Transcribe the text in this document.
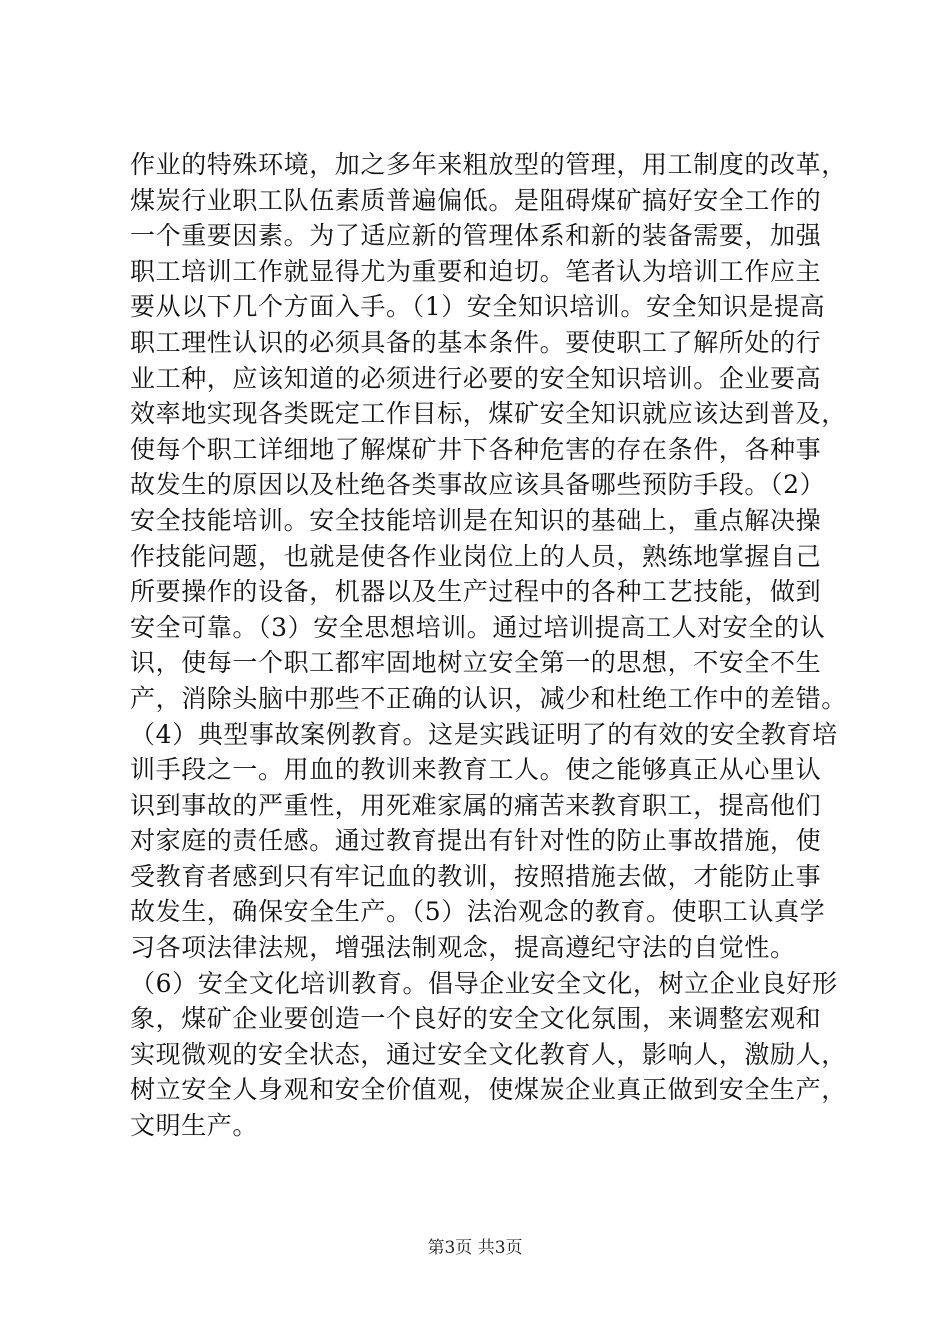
作业的特殊环境，加之多年来粗放型的管理，用工制度的改革，
煤炭行业职工队伍素质普遍偏低。是阻碍煤矿搞好安全工作的
一个重要因素。为了适应新的管理体系和新的装备需要，加强
职工培训工作就显得尤为重要和迫切。笔者认为培训工作应主
要从以下几个方面入手。（1）安全知识培训。安全知识是提高
职工理性认识的必须具备的基本条件。要使职工了解所处的行
业工种，应该知道的必须进行必要的安全知识培训。企业要高
效率地实现各类既定工作目标，煤矿安全知识就应该达到普及，
使每个职工详细地了解煤矿井下各种危害的存在条件，各种事
故发生的原因以及杜绝各类事故应该具备哪些预防手段。（2）
安全技能培训。安全技能培训是在知识的基础上，重点解决操
作技能问题，也就是使各作业岗位上的人员，熟练地掌握自己
所要操作的设备，机器以及生产过程中的各种工艺技能，做到
安全可靠。（3）安全思想培训。通过培训提高工人对安全的认
识，使每一个职工都牢固地树立安全第一的思想，不安全不生
产，消除头脑中那些不正确的认识，减少和杜绝工作中的差错。
（4）典型事故案例教育。这是实践证明了的有效的安全教育培
训手段之一。用血的教训来教育工人。使之能够真正从心里认
识到事故的严重性，用死难家属的痛苦来教育职工，提高他们
对家庭的责任感。通过教育提出有针对性的防止事故措施，使
受教育者感到只有牢记血的教训，按照措施去做，才能防止事
故发生，确保安全生产。（5）法治观念的教育。使职工认真学
习各项法律法规，增强法制观念，提高遵纪守法的自觉性。
（6）安全文化培训教育。倡导企业安全文化，树立企业良好形
象，煤矿企业要创造一个良好的安全文化氛围，来调整宏观和
实现微观的安全状态，通过安全文化教育人，影响人，激励人，
树立安全人身观和安全价值观，使煤炭企业真正做到安全生产，
文明生产。
第3页 共3页
